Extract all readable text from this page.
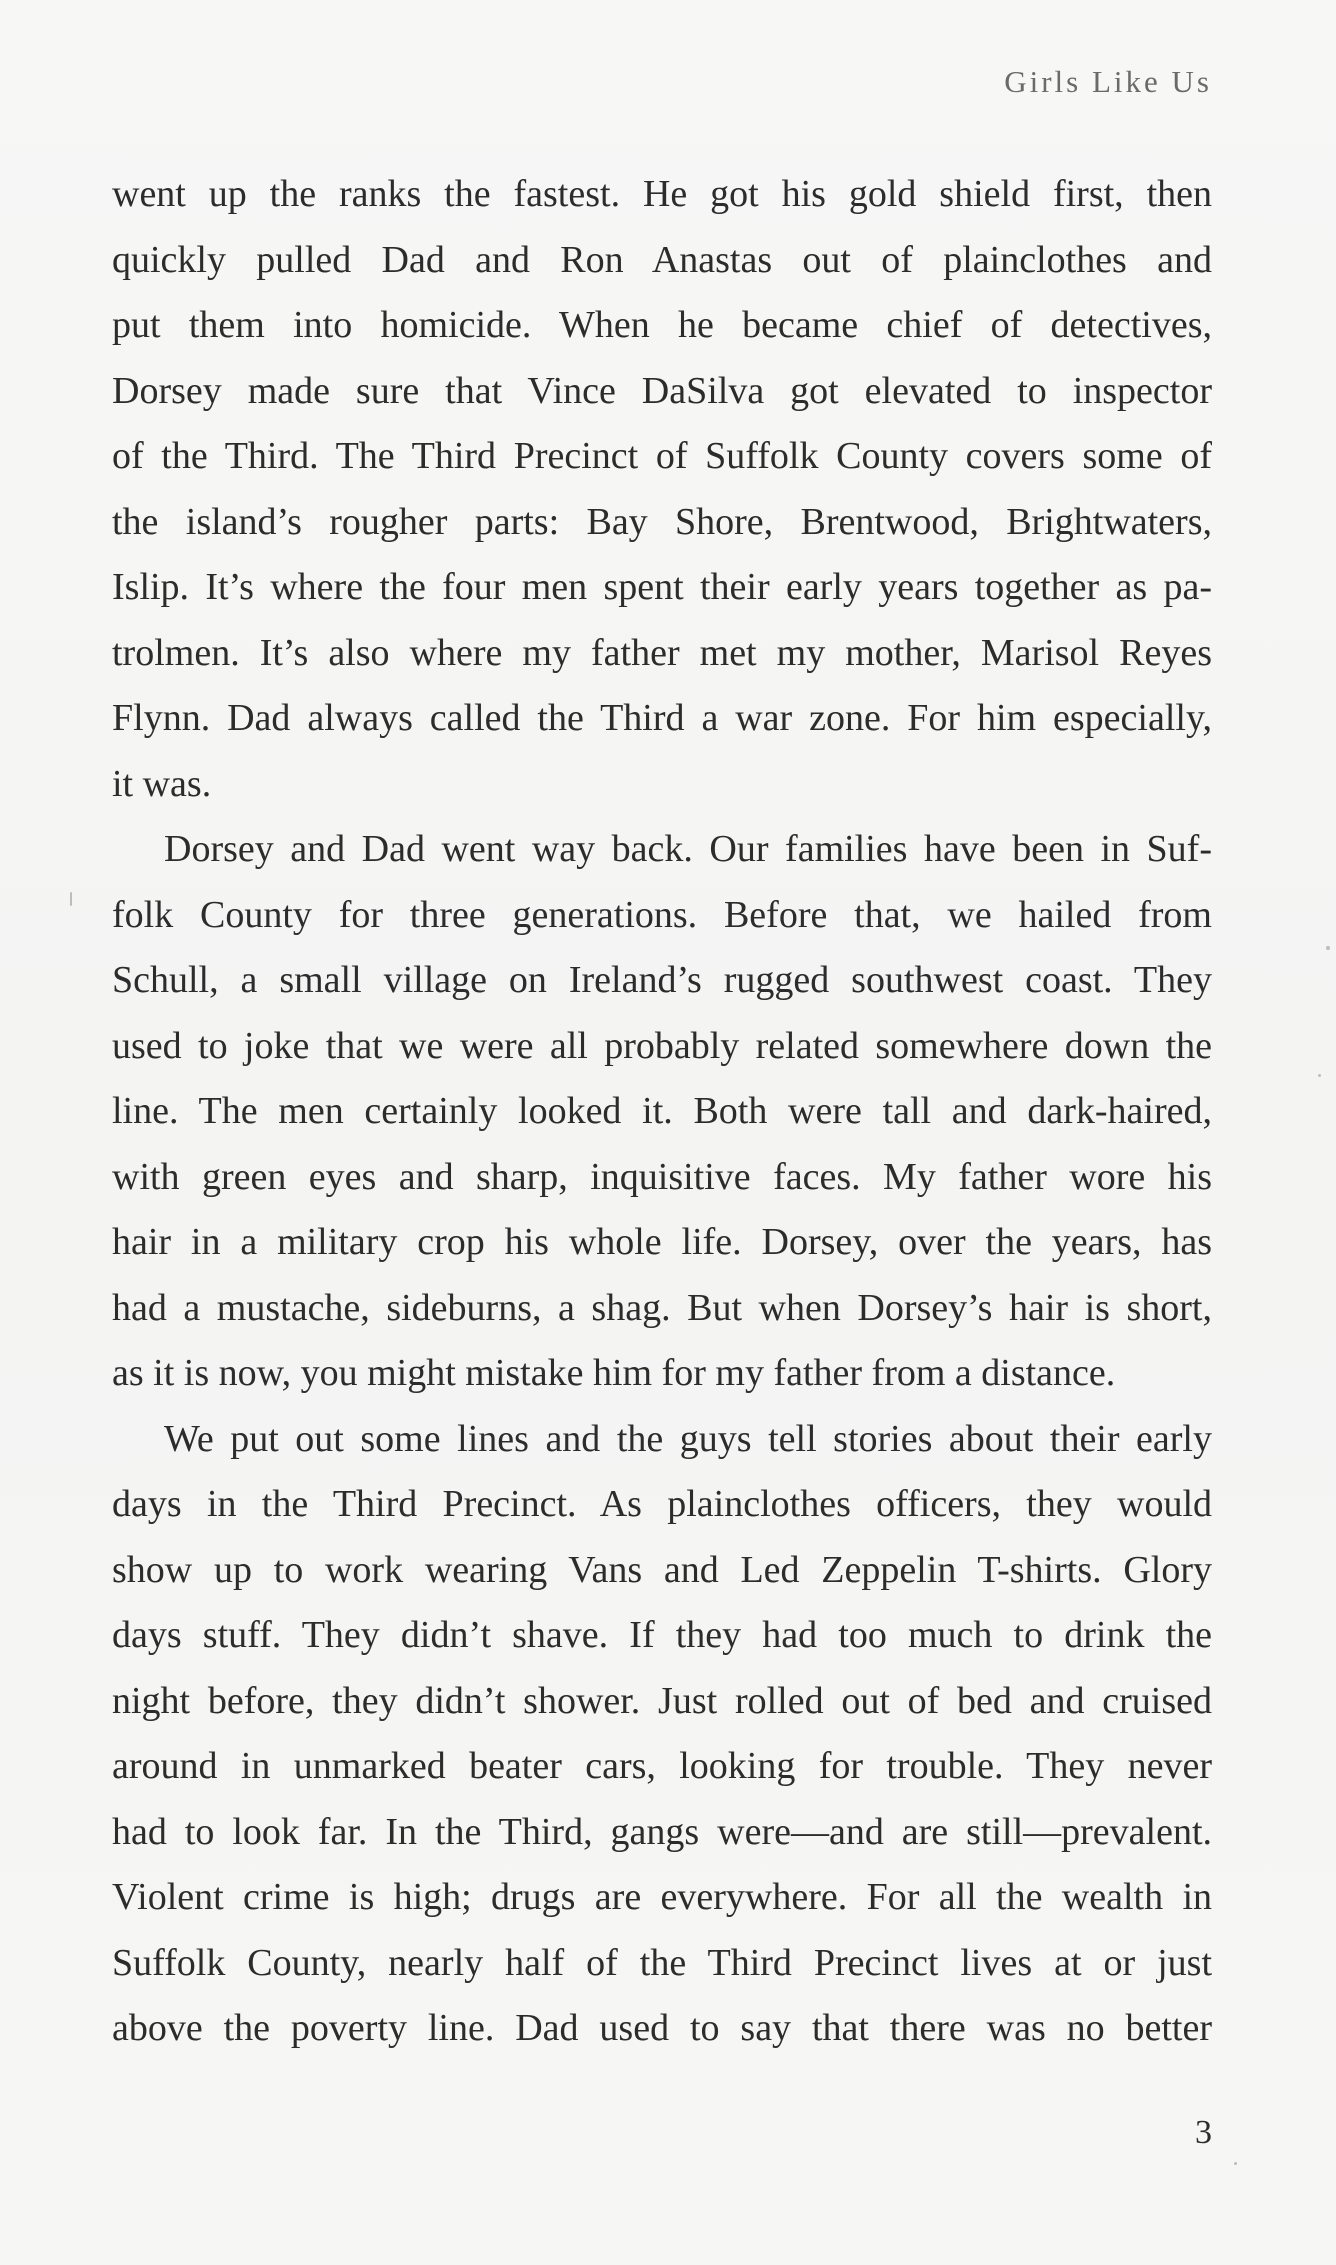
Girls Like Us
went up the ranks the fastest. He got his gold shield first, then
quickly pulled Dad and Ron Anastas out of plainclothes and
put them into homicide. When he became chief of detectives,
Dorsey made sure that Vince DaSilva got elevated to inspector
of the Third. The Third Precinct of Suffolk County covers some of
the island’s rougher parts: Bay Shore, Brentwood, Brightwaters,
Islip. It’s where the four men spent their early years together as pa-
trolmen. It’s also where my father met my mother, Marisol Reyes
Flynn. Dad always called the Third a war zone. For him especially,
it was.
Dorsey and Dad went way back. Our families have been in Suf-
folk County for three generations. Before that, we hailed from
Schull, a small village on Ireland’s rugged southwest coast. They
used to joke that we were all probably related somewhere down the
line. The men certainly looked it. Both were tall and dark-haired,
with green eyes and sharp, inquisitive faces. My father wore his
hair in a military crop his whole life. Dorsey, over the years, has
had a mustache, sideburns, a shag. But when Dorsey’s hair is short,
as it is now, you might mistake him for my father from a distance.
We put out some lines and the guys tell stories about their early
days in the Third Precinct. As plainclothes officers, they would
show up to work wearing Vans and Led Zeppelin T-shirts. Glory
days stuff. They didn’t shave. If they had too much to drink the
night before, they didn’t shower. Just rolled out of bed and cruised
around in unmarked beater cars, looking for trouble. They never
had to look far. In the Third, gangs were—and are still—prevalent.
Violent crime is high; drugs are everywhere. For all the wealth in
Suffolk County, nearly half of the Third Precinct lives at or just
above the poverty line. Dad used to say that there was no better
3
